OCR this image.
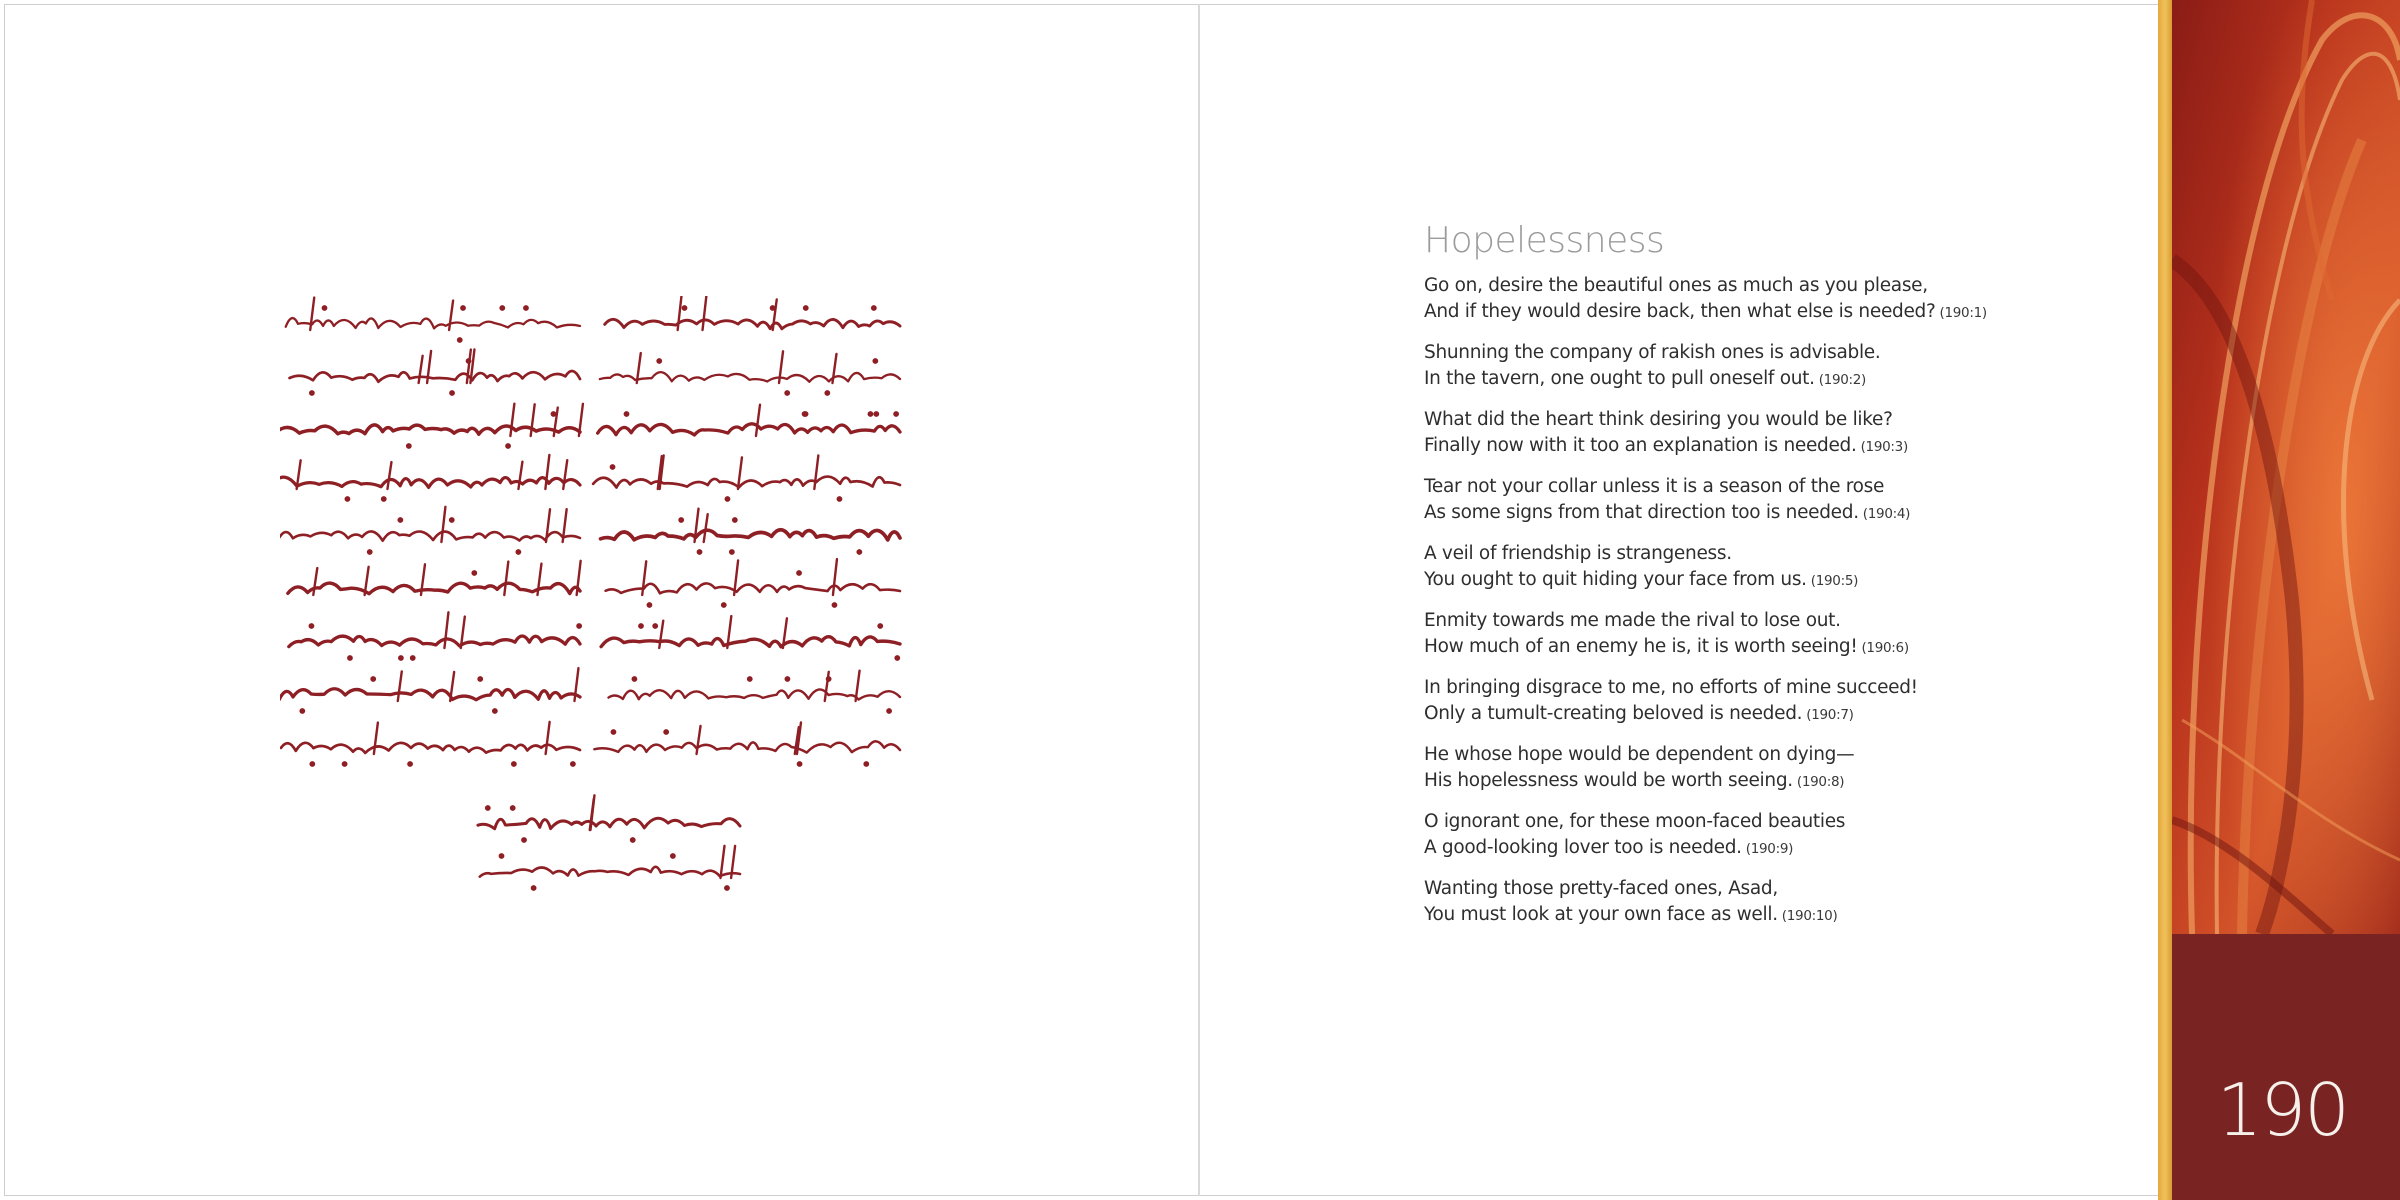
Hopelessness
Go on, desire the beautiful ones as much as you please,
And if they would desire back, then what else is needed? (190:1)
Shunning the company of rakish ones is advisable.
In the tavern, one ought to pull oneself out. (190:2)
What did the heart think desiring you would be like?
Finally now with it too an explanation is needed. (190:3)
Tear not your collar unless it is a season of the rose
As some signs from that direction too is needed. (190:4)
A veil of friendship is strangeness.
You ought to quit hiding your face from us. (190:5)
Enmity towards me made the rival to lose out.
How much of an enemy he is, it is worth seeing! (190:6)
In bringing disgrace to me, no efforts of mine succeed!
Only a tumult-creating beloved is needed. (190:7)
He whose hope would be dependent on dying—
His hopelessness would be worth seeing. (190:8)
O ignorant one, for these moon-faced beauties
A good-looking lover too is needed. (190:9)
Wanting those pretty-faced ones, Asad,
You must look at your own face as well. (190:10)
190
